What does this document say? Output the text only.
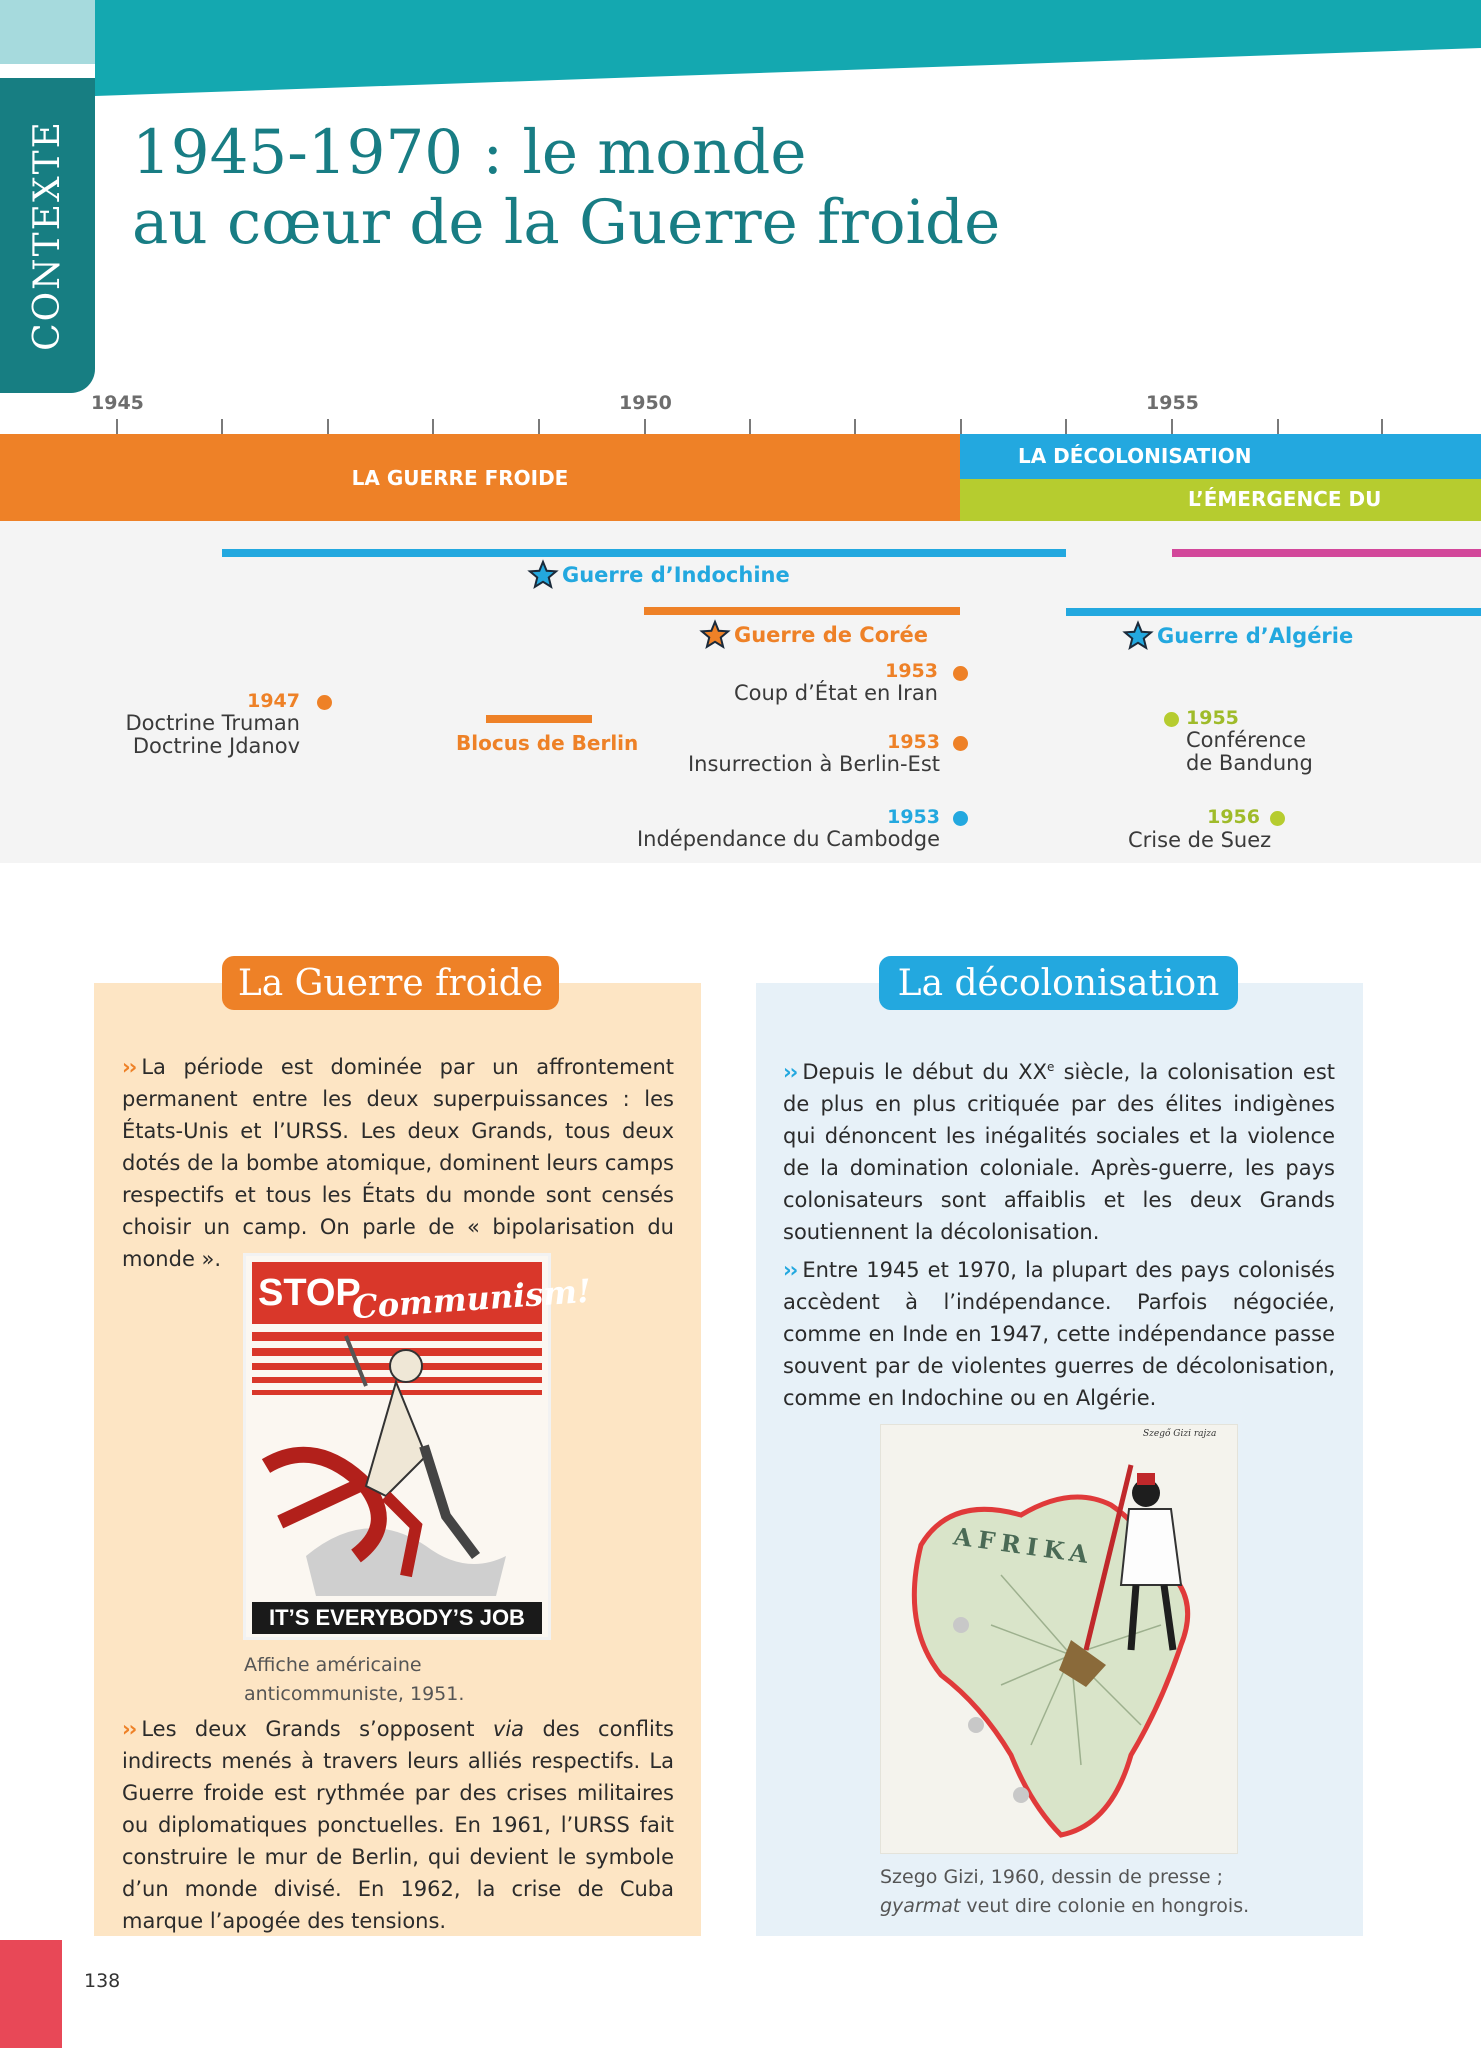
CONTEXTE 1945-1970 : le monde
au cœur de la Guerre froide
1945	1950	1955
LA GUERRE FROIDE
LA DÉCOLONISATION
L’ÉMERGENCE DU
Guerre d’Indochine
Guerre de Corée	Guerre d’Algérie
1947
Doctrine Truman
Doctrine Jdanov	Blocus de Berlin
1953
Coup d’État en Iran
1953
Insurrection à Berlin-Est
1953
Indépendance du Cambodge
1955
Conférence
de Bandung
1956
Crise de Suez
La Guerre froide
›› La période est dominée par un affrontement permanent entre les deux superpuissances : les États-Unis et l’URSS. Les deux Grands, tous deux dotés de la bombe atomique, dominent leurs camps respectifs et tous les États du monde sont censés choisir un camp. On parle de « bipolarisation du monde ».
STOP
Communism!
IT’S EVERYBODY’S JOB
Affiche américaine
anticommuniste, 1951.
›› Les deux Grands s’opposent via des conflits indirects menés à travers leurs alliés respectifs. La Guerre froide est rythmée par des crises militaires ou diplomatiques ponctuelles. En 1961, l’URSS fait construire le mur de Berlin, qui devient le symbole d’un monde divisé. En 1962, la crise de Cuba marque l’apogée des tensions.
La décolonisation
›› Depuis le début du XXe siècle, la colonisation est de plus en plus critiquée par des élites indigènes qui dénoncent les inégalités sociales et la violence de la domination coloniale. Après-guerre, les pays colonisateurs sont affaiblis et les deux Grands soutiennent la décolonisation.
›› Entre 1945 et 1970, la plupart des pays colonisés accèdent à l’indépendance. Parfois négociée, comme en Inde en 1947, cette indépendance passe souvent par de violentes guerres de décolonisation, comme en Indochine ou en Algérie.
Szegő Gizi rajza
AFRIKA
Szego Gizi, 1960, dessin de presse ;
gyarmat veut dire colonie en hongrois.
138
